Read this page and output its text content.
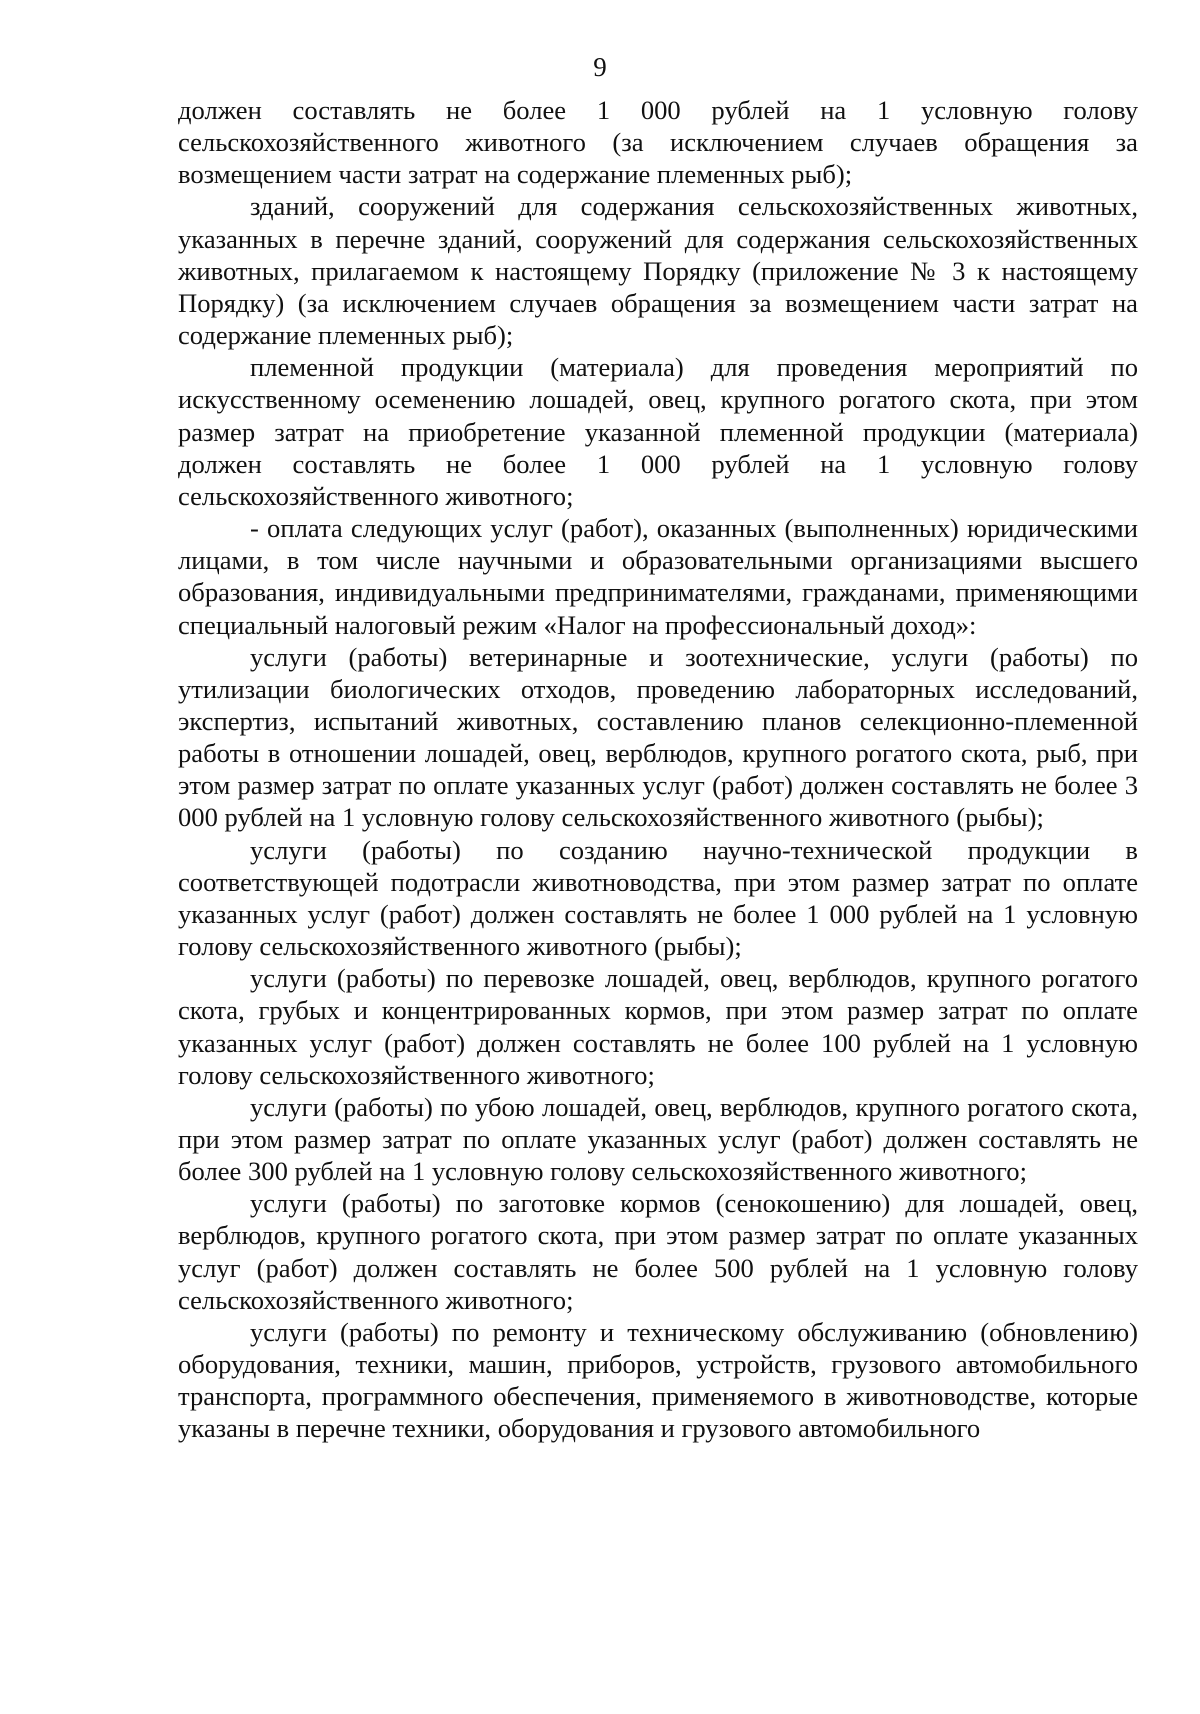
9

должен составлять не более 1 000 рублей на 1 условную голову сельскохозяйственного животного (за исключением случаев обращения за возмещением части затрат на содержание племенных рыб);

зданий, сооружений для содержания сельскохозяйственных животных, указанных в перечне зданий, сооружений для содержания сельскохозяйственных животных, прилагаемом к настоящему Порядку (приложение № 3 к настоящему Порядку) (за исключением случаев обращения за возмещением части затрат на содержание племенных рыб);

племенной продукции (материала) для проведения мероприятий по искусственному осеменению лошадей, овец, крупного рогатого скота, при этом размер затрат на приобретение указанной племенной продукции (материала) должен составлять не более 1 000 рублей на 1 условную голову сельскохозяйственного животного;

- оплата следующих услуг (работ), оказанных (выполненных) юридическими лицами, в том числе научными и образовательными организациями высшего образования, индивидуальными предпринимателями, гражданами, применяющими специальный налоговый режим «Налог на профессиональный доход»:

услуги (работы) ветеринарные и зоотехнические, услуги (работы) по утилизации биологических отходов, проведению лабораторных исследований, экспертиз, испытаний животных, составлению планов селекционно-племенной работы в отношении лошадей, овец, верблюдов, крупного рогатого скота, рыб, при этом размер затрат по оплате указанных услуг (работ) должен составлять не более 3 000 рублей на 1 условную голову сельскохозяйственного животного (рыбы);

услуги (работы) по созданию научно-технической продукции в соответствующей подотрасли животноводства, при этом размер затрат по оплате указанных услуг (работ) должен составлять не более 1 000 рублей на 1 условную голову сельскохозяйственного животного (рыбы);

услуги (работы) по перевозке лошадей, овец, верблюдов, крупного рогатого скота, грубых и концентрированных кормов, при этом размер затрат по оплате указанных услуг (работ) должен составлять не более 100 рублей на 1 условную голову сельскохозяйственного животного;

услуги (работы) по убою лошадей, овец, верблюдов, крупного рогатого скота, при этом размер затрат по оплате указанных услуг (работ) должен составлять не более 300 рублей на 1 условную голову сельскохозяйственного животного;

услуги (работы) по заготовке кормов (сенокошению) для лошадей, овец, верблюдов, крупного рогатого скота, при этом размер затрат по оплате указанных услуг (работ) должен составлять не более 500 рублей на 1 условную голову сельскохозяйственного животного;

услуги (работы) по ремонту и техническому обслуживанию (обновлению) оборудования, техники, машин, приборов, устройств, грузового автомобильного транспорта, программного обеспечения, применяемого в животноводстве, которые указаны в перечне техники, оборудования и грузового автомобильного
